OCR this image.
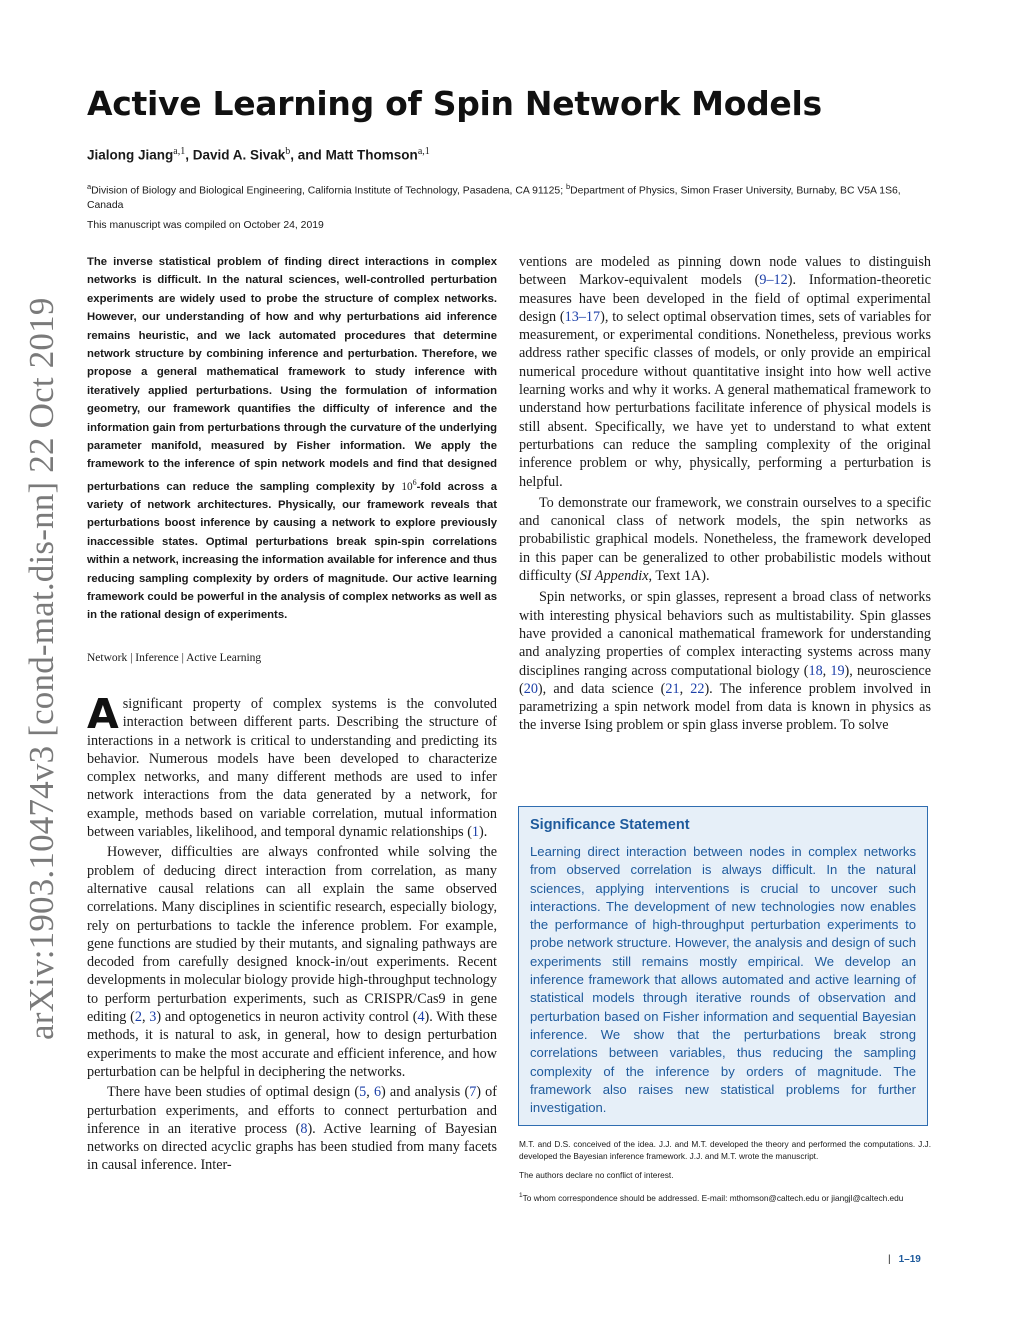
arXiv:1903.10474v3 [cond-mat.dis-nn] 22 Oct 2019
Active Learning of Spin Network Models
Jialong Jiang$^{a,1}$, David A. Sivak$^b$, and Matt Thomson$^{a,1}$
$^a$Division of Biology and Biological Engineering, California Institute of Technology, Pasadena, CA 91125; $^b$Department of Physics, Simon Fraser University, Burnaby, BC V5A 1S6, Canada
This manuscript was compiled on October 24, 2019

The inverse statistical problem of finding direct interactions in complex networks is difficult. In the natural sciences, well-controlled perturbation experiments are widely used to probe the structure of complex networks. However, our understanding of how and why perturbations aid inference remains heuristic, and we lack automated procedures that determine network structure by combining inference and perturbation. Therefore, we propose a general mathematical framework to study inference with iteratively applied perturbations. Using the formulation of information geometry, our framework quantifies the difficulty of inference and the information gain from perturbations through the curvature of the underlying parameter manifold, measured by Fisher information. We apply the framework to the inference of spin network models and find that designed perturbations can reduce the sampling complexity by $10^6$-fold across a variety of network architectures. Physically, our framework reveals that perturbations boost inference by causing a network to explore previously inaccessible states. Optimal perturbations break spin-spin correlations within a network, increasing the information available for inference and thus reducing sampling complexity by orders of magnitude. Our active learning framework could be powerful in the analysis of complex networks as well as in the rational design of experiments.

Network | Inference | Active Learning

Asignificant property of complex systems is the convoluted interaction between different parts. Describing the structure of interactions in a network is critical to understanding and predicting its behavior. Numerous models have been developed to characterize complex networks, and many different methods are used to infer network interactions from the data generated by a network, for example, methods based on variable correlation, mutual information between variables, likelihood, and temporal dynamic relationships (1).

However, difficulties are always confronted while solving the problem of deducing direct interaction from correlation, as many alternative causal relations can all explain the same observed correlations. Many disciplines in scientific research, especially biology, rely on perturbations to tackle the inference problem. For example, gene functions are studied by their mutants, and signaling pathways are decoded from carefully designed knock-in/out experiments. Recent developments in molecular biology provide high-throughput technology to perform perturbation experiments, such as CRISPR/Cas9 in gene editing (2, 3) and optogenetics in neuron activity control (4). With these methods, it is natural to ask, in general, how to design perturbation experiments to make the most accurate and efficient inference, and how perturbation can be helpful in deciphering the networks.

There have been studies of optimal design (5, 6) and analysis (7) of perturbation experiments, and efforts to connect perturbation and inference in an iterative process (8). Active learning of Bayesian networks on directed acyclic graphs has been studied from many facets in causal inference. Inter-

ventions are modeled as pinning down node values to distinguish between Markov-equivalent models (9–12). Information-theoretic measures have been developed in the field of optimal experimental design (13–17), to select optimal observation times, sets of variables for measurement, or experimental conditions. Nonetheless, previous works address rather specific classes of models, or only provide an empirical numerical procedure without quantitative insight into how well active learning works and why it works. A general mathematical framework to understand how perturbations facilitate inference of physical models is still absent. Specifically, we have yet to understand to what extent perturbations can reduce the sampling complexity of the original inference problem or why, physically, performing a perturbation is helpful.

To demonstrate our framework, we constrain ourselves to a specific and canonical class of network models, the spin networks as probabilistic graphical models. Nonetheless, the framework developed in this paper can be generalized to other probabilistic models without difficulty (SI Appendix, Text 1A).

Spin networks, or spin glasses, represent a broad class of networks with interesting physical behaviors such as multistability. Spin glasses have provided a canonical mathematical framework for understanding and analyzing properties of complex interacting systems across many disciplines ranging across computational biology (18, 19), neuroscience (20), and data science (21, 22). The inference problem involved in parametrizing a spin network model from data is known in physics as the inverse Ising problem or spin glass inverse problem. To solve

Significance Statement

Learning direct interaction between nodes in complex networks from observed correlation is always difficult. In the natural sciences, applying interventions is crucial to uncover such interactions. The development of new technologies now enables the performance of high-throughput perturbation experiments to probe network structure. However, the analysis and design of such experiments still remains mostly empirical. We develop an inference framework that allows automated and active learning of statistical models through iterative rounds of observation and perturbation based on Fisher information and sequential Bayesian inference. We show that the perturbations break strong correlations between variables, thus reducing the sampling complexity of the inference by orders of magnitude. The framework also raises new statistical problems for further investigation.

M.T. and D.S. conceived of the idea. J.J. and M.T. developed the theory and performed the computations. J.J. developed the Bayesian inference framework. J.J. and M.T. wrote the manuscript.

The authors declare no conflict of interest.

$^1$To whom correspondence should be addressed. E-mail: mthomson@caltech.edu or jiangjl@caltech.edu

| 1–19
